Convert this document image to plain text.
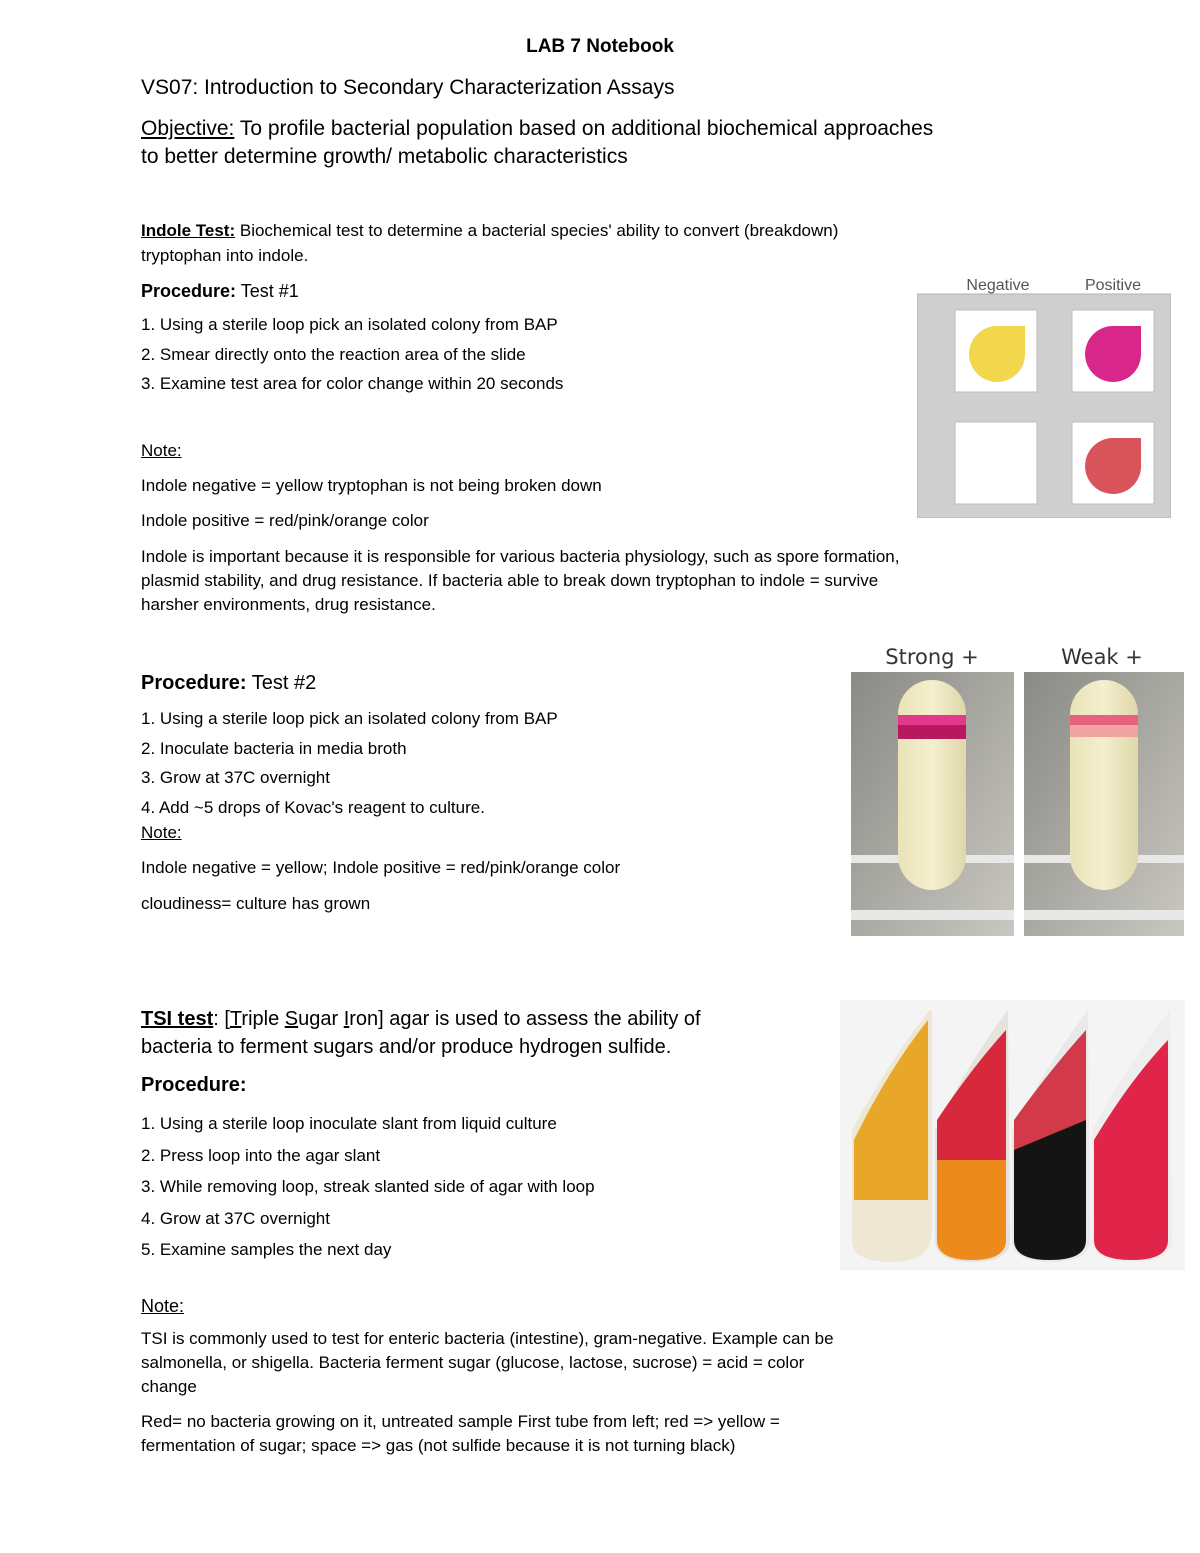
LAB 7 Notebook
VS07: Introduction to Secondary Characterization Assays
Objective: To profile bacterial population based on additional biochemical approaches
to better determine growth/ metabolic characteristics
Indole Test: Biochemical test to determine a bacterial species' ability to convert (breakdown)
tryptophan into indole.
Procedure: Test #1
1. Using a sterile loop pick an isolated colony from BAP
2. Smear directly onto the reaction area of the slide
3. Examine test area for color change within 20 seconds
Note:
Indole negative = yellow tryptophan is not being broken down
Indole positive = red/pink/orange color
Indole is important because it is responsible for various bacteria physiology, such as spore formation,
plasmid stability, and drug resistance. If bacteria able to break down tryptophan to indole = survive
harsher environments, drug resistance.
Negative	Positive
Procedure: Test #2
1. Using a sterile loop pick an isolated colony from BAP
2. Inoculate bacteria in media broth
3. Grow at 37C overnight
4. Add ~5 drops of Kovac's reagent to culture.
Note:
Indole negative = yellow; Indole positive = red/pink/orange color
cloudiness= culture has grown
Strong +	Weak +
TSI test: [Triple Sugar Iron] agar is used to assess the ability of
bacteria to ferment sugars and/or produce hydrogen sulfide.
Procedure:
1. Using a sterile loop inoculate slant from liquid culture
2. Press loop into the agar slant
3. While removing loop, streak slanted side of agar with loop
4. Grow at 37C overnight
5. Examine samples the next day
Note:
TSI is commonly used to test for enteric bacteria (intestine), gram-negative. Example can be
salmonella, or shigella. Bacteria ferment sugar (glucose, lactose, sucrose) = acid = color
change
Red= no bacteria growing on it, untreated sample First tube from left; red => yellow =
fermentation of sugar; space => gas (not sulfide because it is not turning black)
